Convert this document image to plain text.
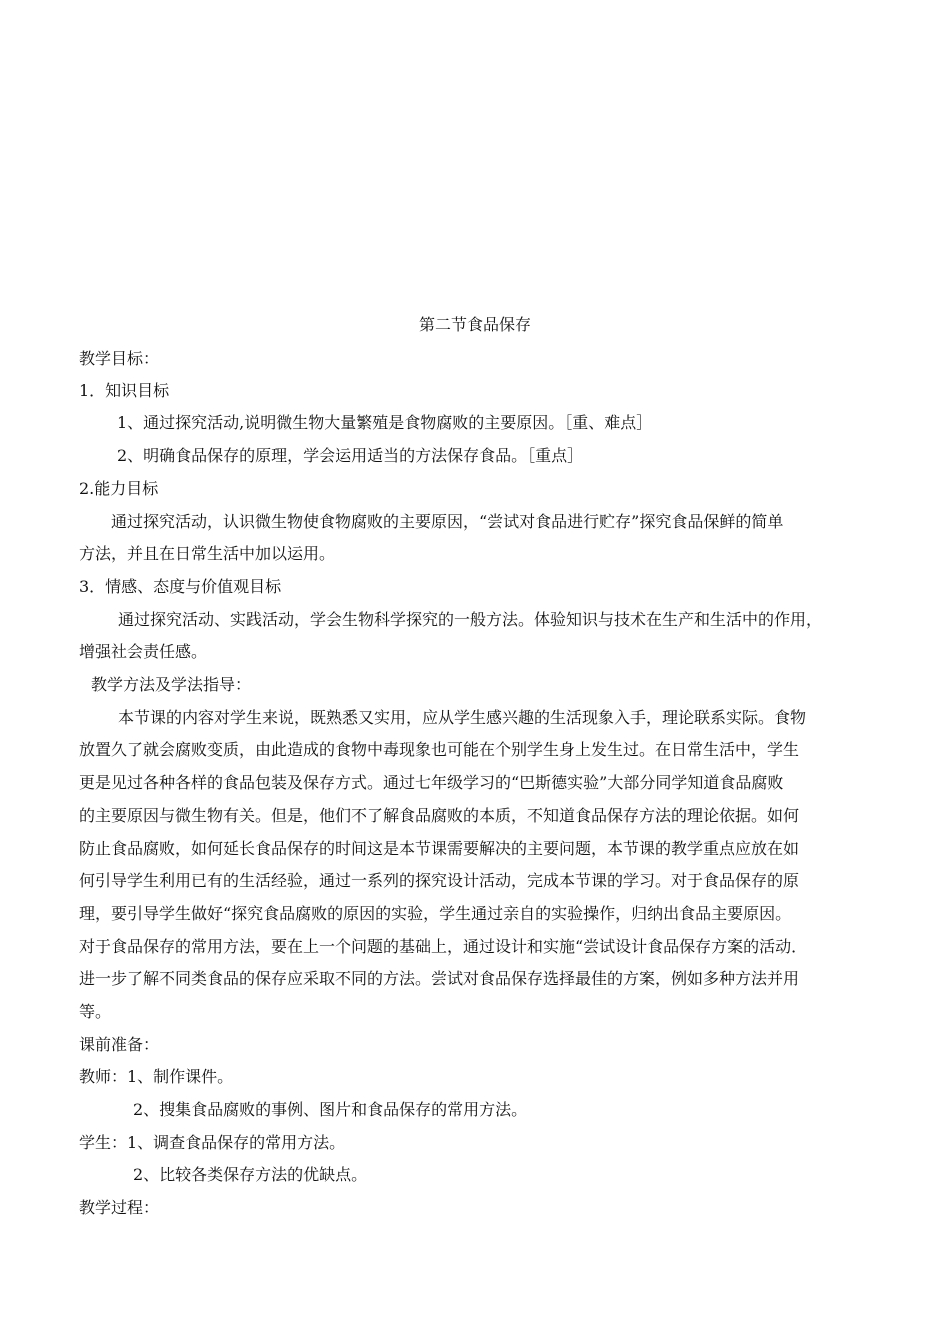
第二节食品保存

教学目标：

1．知识目标

1、通过探究活动,说明微生物大量繁殖是食物腐败的主要原因。［重、难点］

2、明确食品保存的原理，学会运用适当的方法保存食品。［重点］

2.能力目标

通过探究活动，认识微生物使食物腐败的主要原因，“尝试对食品进行贮存”探究食品保鲜的简单

方法，并且在日常生活中加以运用。

3．情感、态度与价值观目标

通过探究活动、实践活动，学会生物科学探究的一般方法。体验知识与技术在生产和生活中的作用，

增强社会责任感。

教学方法及学法指导：

本节课的内容对学生来说，既熟悉又实用，应从学生感兴趣的生活现象入手，理论联系实际。食物

放置久了就会腐败变质，由此造成的食物中毒现象也可能在个别学生身上发生过。在日常生活中，学生

更是见过各种各样的食品包装及保存方式。通过七年级学习的“巴斯德实验”大部分同学知道食品腐败

的主要原因与微生物有关。但是，他们不了解食品腐败的本质，不知道食品保存方法的理论依据。如何

防止食品腐败，如何延长食品保存的时间这是本节课需要解决的主要问题，本节课的教学重点应放在如

何引导学生利用已有的生活经验，通过一系列的探究设计活动，完成本节课的学习。对于食品保存的原

理，要引导学生做好“探究食品腐败的原因的实验，学生通过亲自的实验操作，归纳出食品主要原因。

对于食品保存的常用方法，要在上一个问题的基础上，通过设计和实施“尝试设计食品保存方案的活动．

进一步了解不同类食品的保存应采取不同的方法。尝试对食品保存选择最佳的方案，例如多种方法并用

等。

课前准备：

教师：1、制作课件。

2、搜集食品腐败的事例、图片和食品保存的常用方法。

学生：1、调查食品保存的常用方法。

2、比较各类保存方法的优缺点。

教学过程：
